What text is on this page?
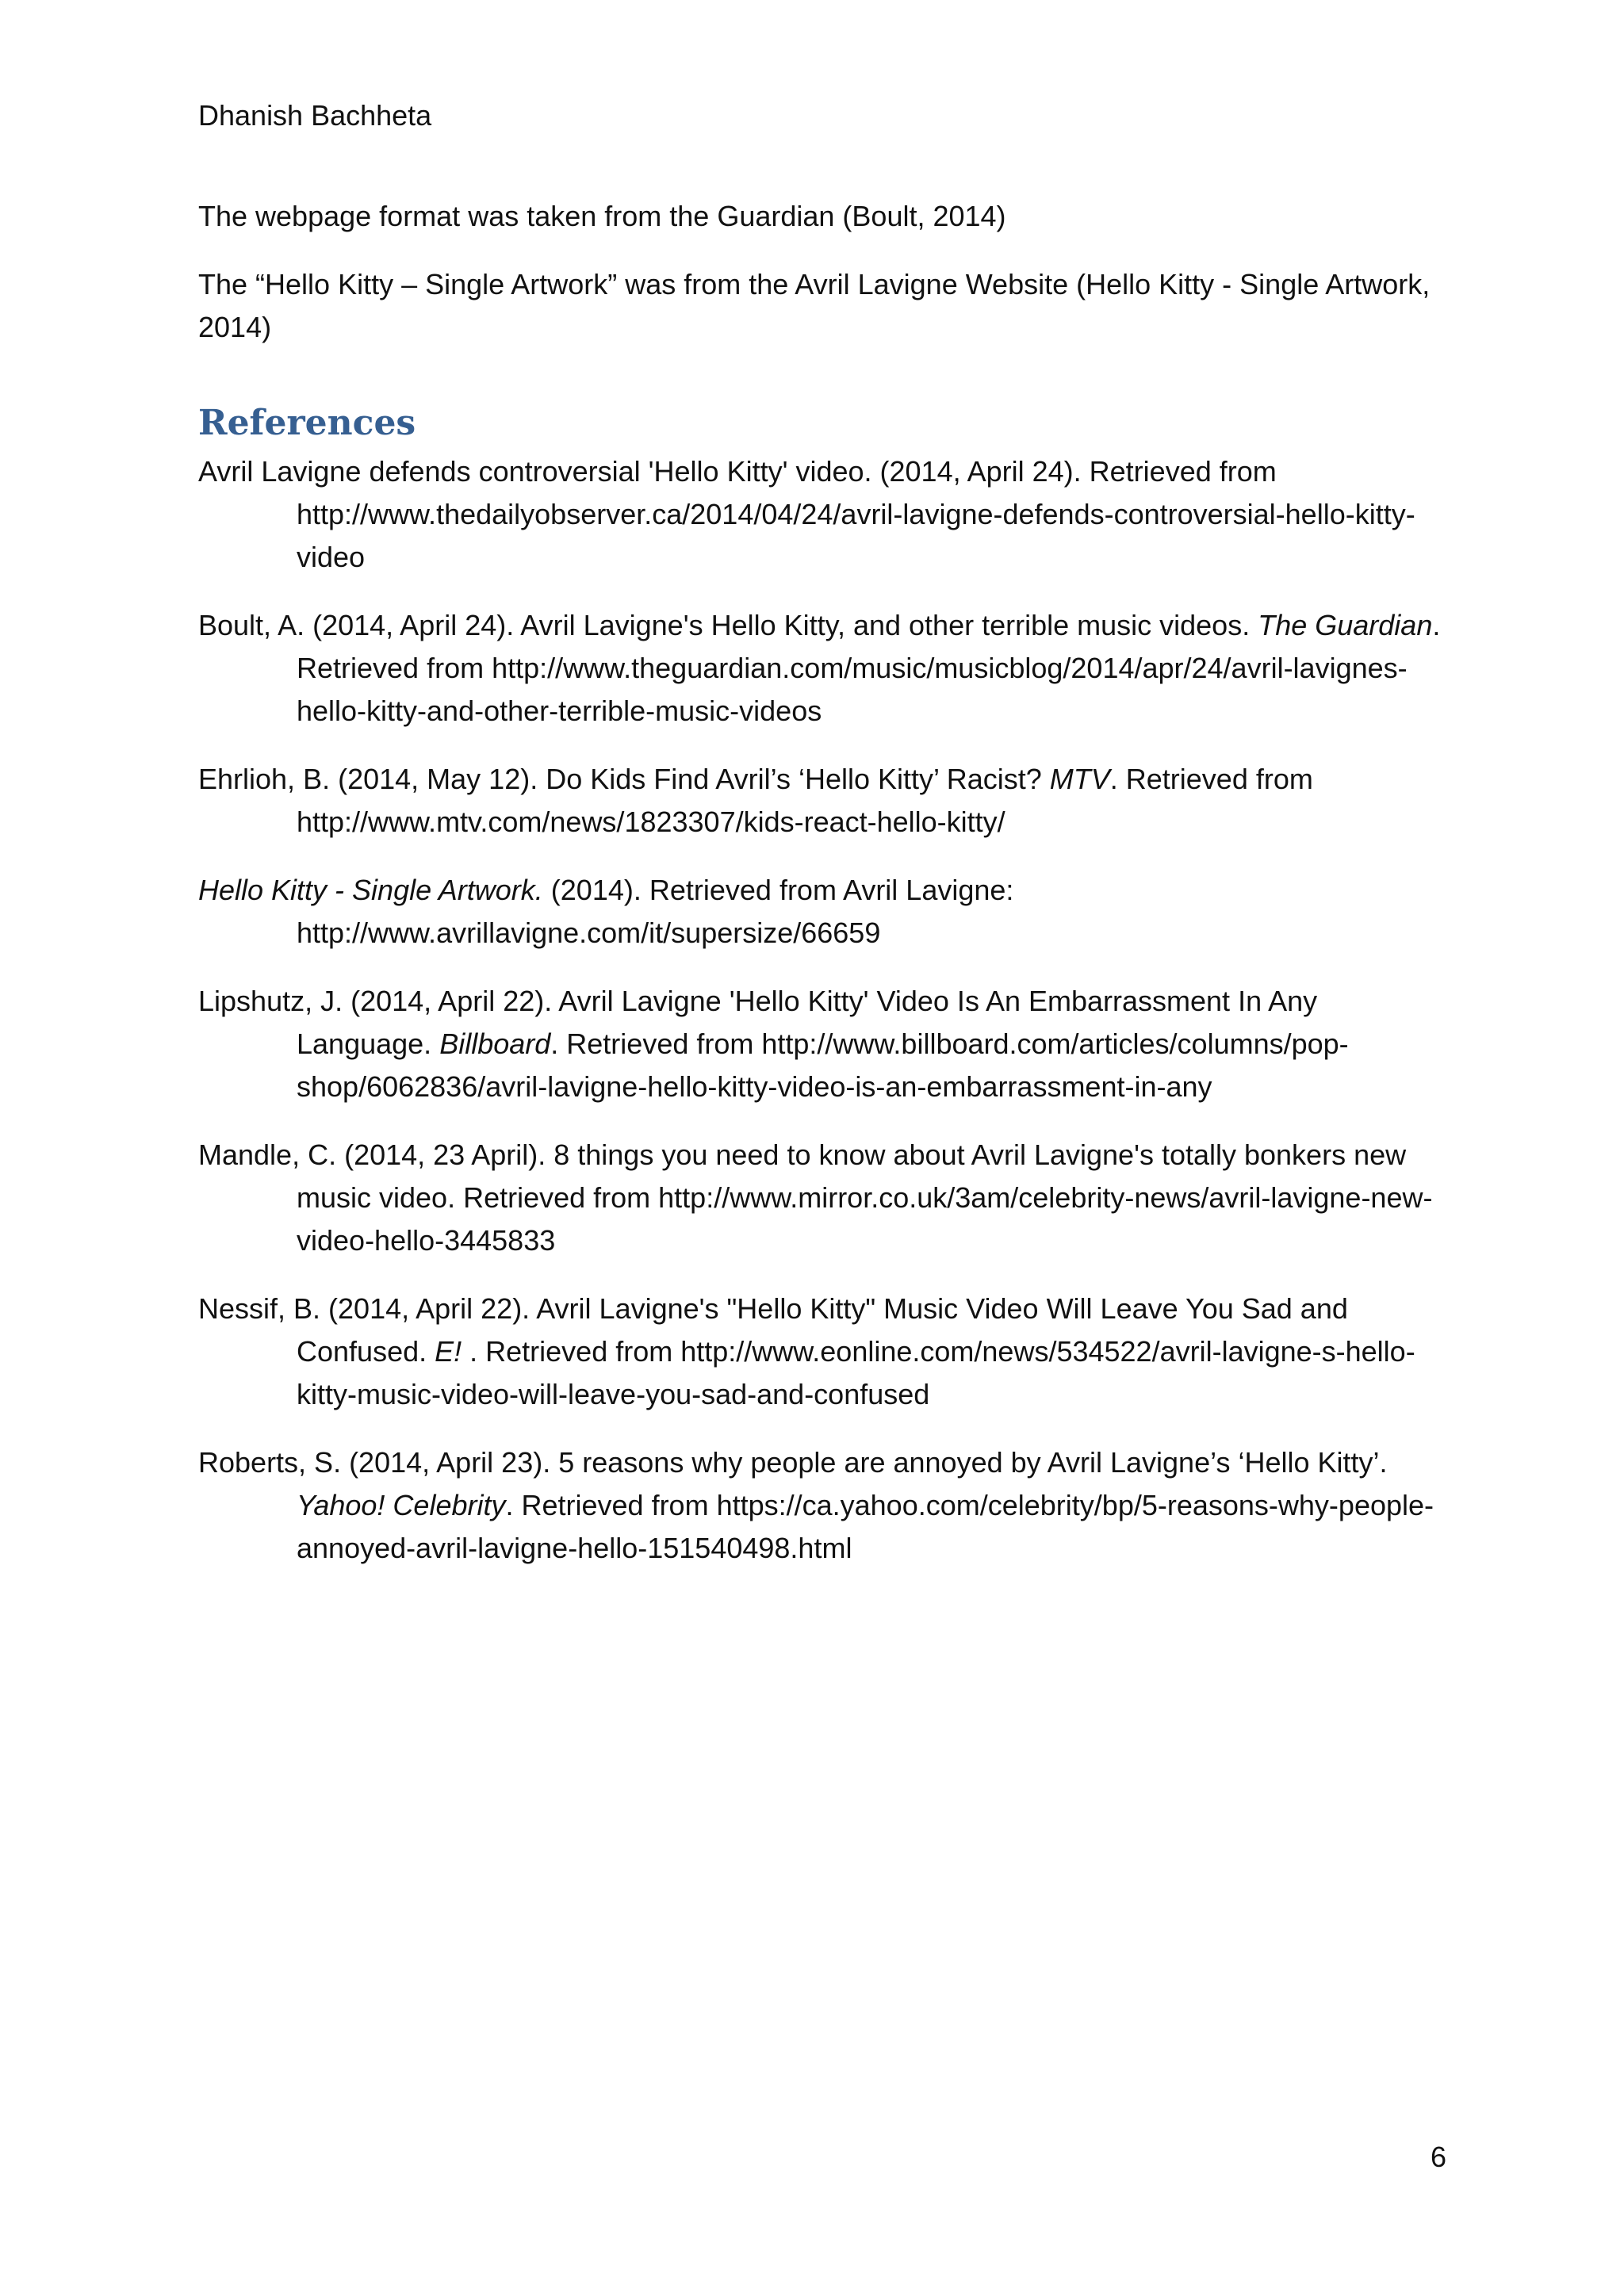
Dhanish Bachheta

The webpage format was taken from the Guardian (Boult, 2014)

The “Hello Kitty – Single Artwork” was from the Avril Lavigne Website (Hello Kitty - Single Artwork, 2014)

References

Avril Lavigne defends controversial 'Hello Kitty' video. (2014, April 24). Retrieved from http://www.thedailyobserver.ca/2014/04/24/avril-lavigne-defends-controversial-hello-kitty-video

Boult, A. (2014, April 24). Avril Lavigne's Hello Kitty, and other terrible music videos. The Guardian. Retrieved from http://www.theguardian.com/music/musicblog/2014/apr/24/avril-lavignes-hello-kitty-and-other-terrible-music-videos

Ehrlioh, B. (2014, May 12). Do Kids Find Avril’s ‘Hello Kitty’ Racist? MTV. Retrieved from http://www.mtv.com/news/1823307/kids-react-hello-kitty/

Hello Kitty - Single Artwork. (2014). Retrieved from Avril Lavigne: http://www.avrillavigne.com/it/supersize/66659

Lipshutz, J. (2014, April 22). Avril Lavigne 'Hello Kitty' Video Is An Embarrassment In Any Language. Billboard. Retrieved from http://www.billboard.com/articles/columns/pop-shop/6062836/avril-lavigne-hello-kitty-video-is-an-embarrassment-in-any

Mandle, C. (2014, 23 April). 8 things you need to know about Avril Lavigne's totally bonkers new music video. Retrieved from http://www.mirror.co.uk/3am/celebrity-news/avril-lavigne-new-video-hello-3445833

Nessif, B. (2014, April 22). Avril Lavigne's "Hello Kitty" Music Video Will Leave You Sad and Confused. E! . Retrieved from http://www.eonline.com/news/534522/avril-lavigne-s-hello-kitty-music-video-will-leave-you-sad-and-confused

Roberts, S. (2014, April 23). 5 reasons why people are annoyed by Avril Lavigne’s ‘Hello Kitty’. Yahoo! Celebrity. Retrieved from https://ca.yahoo.com/celebrity/bp/5-reasons-why-people-annoyed-avril-lavigne-hello-151540498.html

6
